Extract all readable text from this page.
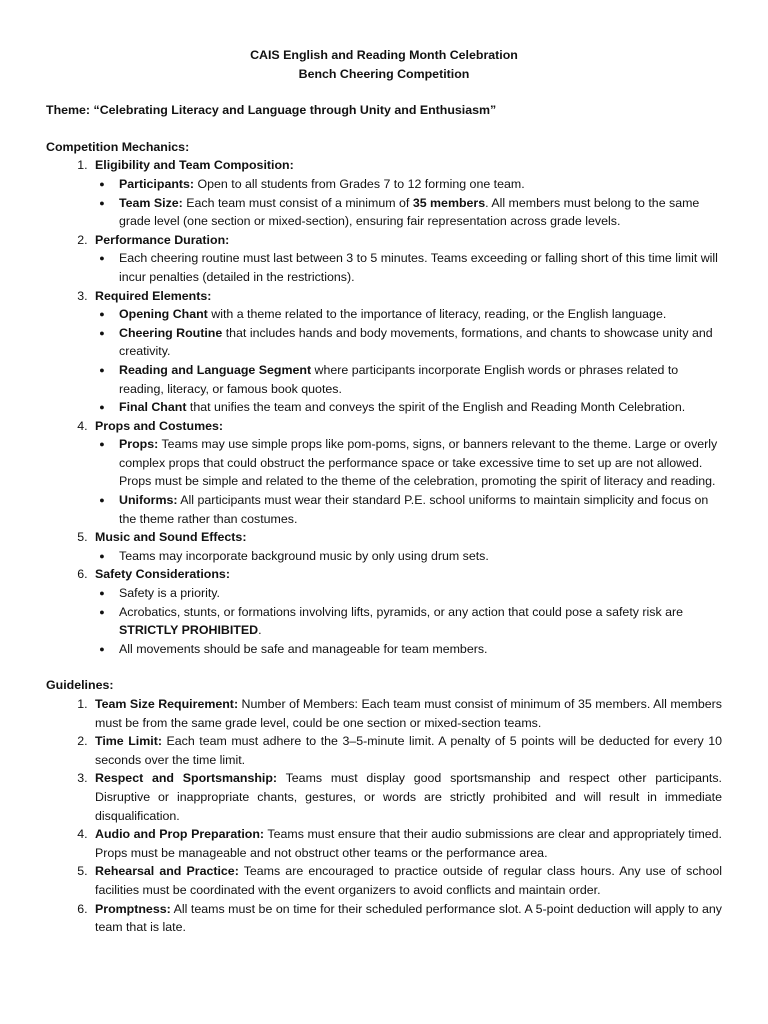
CAIS English and Reading Month Celebration
Bench Cheering Competition
Theme: “Celebrating Literacy and Language through Unity and Enthusiasm”
Competition Mechanics:
1. Eligibility and Team Composition:
●	Participants: Open to all students from Grades 7 to 12 forming one team.
●	Team Size: Each team must consist of a minimum of 35 members. All members must belong to the same grade level (one section or mixed-section), ensuring fair representation across grade levels.
2. Performance Duration:
●	Each cheering routine must last between 3 to 5 minutes. Teams exceeding or falling short of this time limit will incur penalties (detailed in the restrictions).
3. Required Elements:
●	Opening Chant with a theme related to the importance of literacy, reading, or the English language.
●	Cheering Routine that includes hands and body movements, formations, and chants to showcase unity and creativity.
●	Reading and Language Segment where participants incorporate English words or phrases related to reading, literacy, or famous book quotes.
●	Final Chant that unifies the team and conveys the spirit of the English and Reading Month Celebration.
4. Props and Costumes:
●	Props: Teams may use simple props like pom-poms, signs, or banners relevant to the theme. Large or overly complex props that could obstruct the performance space or take excessive time to set up are not allowed. Props must be simple and related to the theme of the celebration, promoting the spirit of literacy and reading.
●	Uniforms: All participants must wear their standard P.E. school uniforms to maintain simplicity and focus on the theme rather than costumes.
5. Music and Sound Effects:
●	Teams may incorporate background music by only using drum sets.
6. Safety Considerations:
●	Safety is a priority.
●	Acrobatics, stunts, or formations involving lifts, pyramids, or any action that could pose a safety risk are STRICTLY PROHIBITED.
●	All movements should be safe and manageable for team members.
Guidelines:
1. Team Size Requirement: Number of Members: Each team must consist of minimum of 35 members. All members must be from the same grade level, could be one section or mixed-section teams.
2. Time Limit: Each team must adhere to the 3–5-minute limit. A penalty of 5 points will be deducted for every 10 seconds over the time limit.
3. Respect and Sportsmanship: Teams must display good sportsmanship and respect other participants. Disruptive or inappropriate chants, gestures, or words are strictly prohibited and will result in immediate disqualification.
4. Audio and Prop Preparation: Teams must ensure that their audio submissions are clear and appropriately timed. Props must be manageable and not obstruct other teams or the performance area.
5. Rehearsal and Practice: Teams are encouraged to practice outside of regular class hours. Any use of school facilities must be coordinated with the event organizers to avoid conflicts and maintain order.
6. Promptness: All teams must be on time for their scheduled performance slot. A 5-point deduction will apply to any team that is late.
